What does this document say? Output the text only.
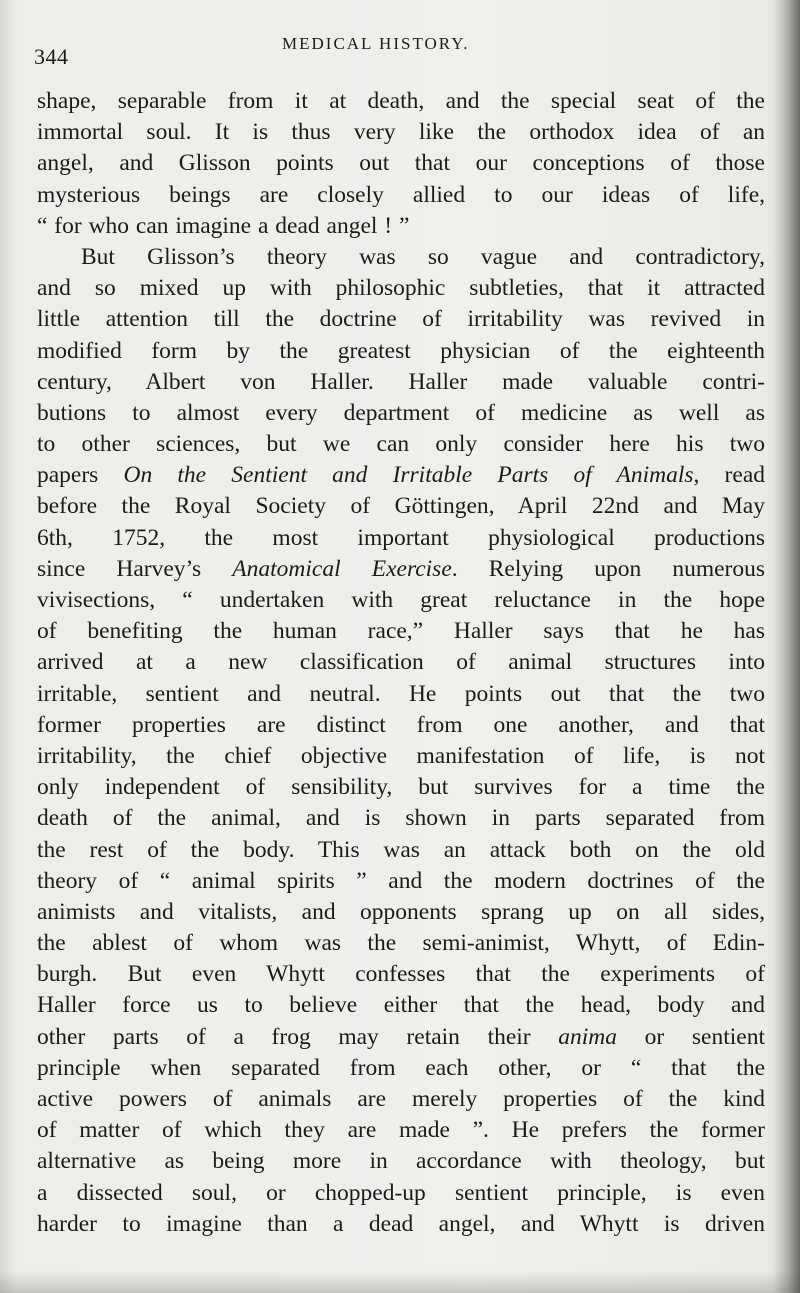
344
MEDICAL HISTORY.
shape, separable from it at death, and the special seat of the
immortal soul. It is thus very like the orthodox idea of an
angel, and Glisson points out that our conceptions of those
mysterious beings are closely allied to our ideas of life,
“ for who can imagine a dead angel ! ”
But Glisson’s theory was so vague and contradictory,
and so mixed up with philosophic subtleties, that it attracted
little attention till the doctrine of irritability was revived in
modified form by the greatest physician of the eighteenth
century, Albert von Haller. Haller made valuable contri-
butions to almost every department of medicine as well as
to other sciences, but we can only consider here his two
papers On the Sentient and Irritable Parts of Animals, read
before the Royal Society of Göttingen, April 22nd and May
6th, 1752, the most important physiological productions
since Harvey’s Anatomical Exercise. Relying upon numerous
vivisections, “ undertaken with great reluctance in the hope
of benefiting the human race,” Haller says that he has
arrived at a new classification of animal structures into
irritable, sentient and neutral. He points out that the two
former properties are distinct from one another, and that
irritability, the chief objective manifestation of life, is not
only independent of sensibility, but survives for a time the
death of the animal, and is shown in parts separated from
the rest of the body. This was an attack both on the old
theory of “ animal spirits ” and the modern doctrines of the
animists and vitalists, and opponents sprang up on all sides,
the ablest of whom was the semi-animist, Whytt, of Edin-
burgh. But even Whytt confesses that the experiments of
Haller force us to believe either that the head, body and
other parts of a frog may retain their anima or sentient
principle when separated from each other, or “ that the
active powers of animals are merely properties of the kind
of matter of which they are made ”. He prefers the former
alternative as being more in accordance with theology, but
a dissected soul, or chopped-up sentient principle, is even
harder to imagine than a dead angel, and Whytt is driven
